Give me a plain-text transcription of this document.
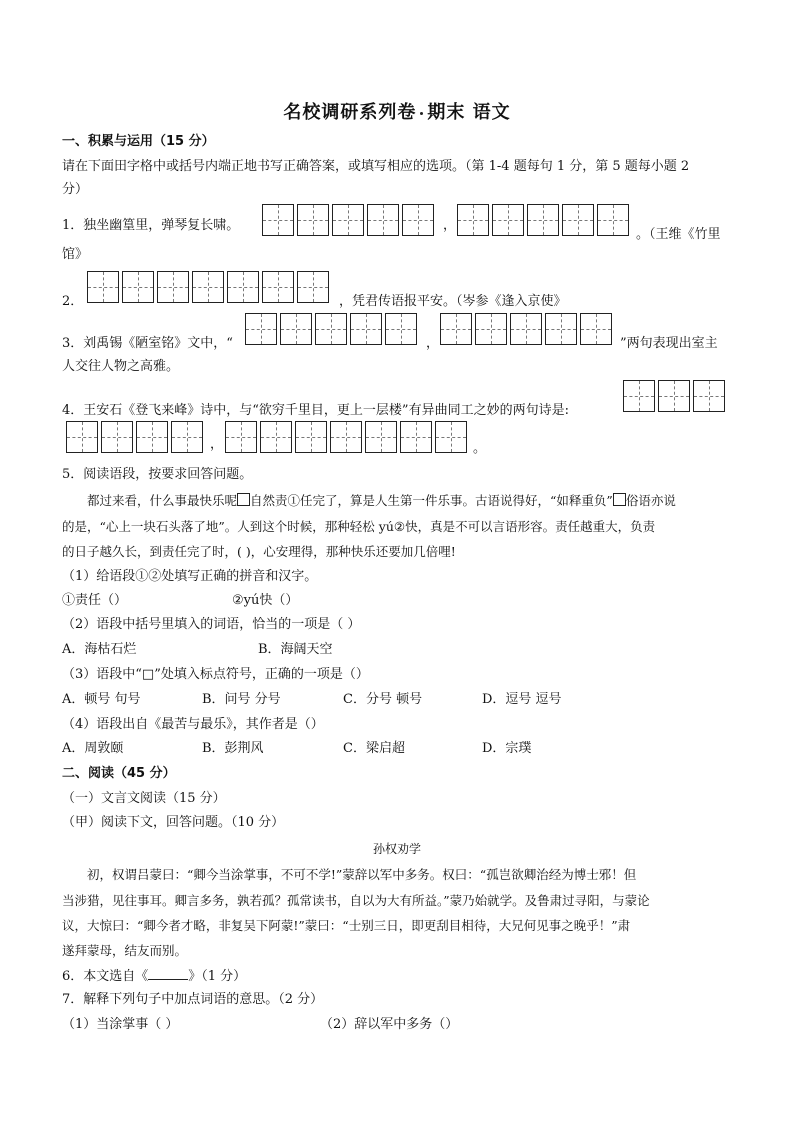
名校调研系列卷 期末 语文
一、积累与运用（15 分）
请在下面田字格中或括号内端正地书写正确答案，或填写相应的选项。（第 1-4 题每句 1 分，第 5 题每小题 2
分）
1．独坐幽篁里，弹琴复长啸。	，
。（王维《竹里
馆》
2．	，凭君传语报平安。（岑参《逢入京使》
3．刘禹锡《陋室铭》文中，“	，	”两句表现出室主
人交往人物之高雅。
4．王安石《登飞来峰》诗中，与“欲穷千里目，更上一层楼”有异曲同工之妙的两句诗是:
，	。
5．阅读语段，按要求回答问题。
都过来看，什么事最快乐呢 自然责①任完了，算是人生第一件乐事。古语说得好，“如释重负” 俗语亦说
的是，“心上一块石头落了地”。人到这个时候，那种轻松 yú②快，真是不可以言语形容。责任越重大，负责
的日子越久长，到责任完了时，( )，心安理得，那种快乐还要加几倍哩!
（1）给语段①②处填写正确的拼音和汉字。
①责任（）	②yú快（）
（2）语段中括号里填入的词语，恰当的一项是（ ）
A．海枯石烂	B．海阔天空
（3）语段中“□”处填入标点符号，正确的一项是（）
A．顿号 句号	B．问号 分号	C．分号 顿号	D．逗号 逗号
（4）语段出自《最苦与最乐》，其作者是（）
A．周敦颐	B．彭荆风	C．梁启超	D．宗璞
二、阅读（45 分）
（一）文言文阅读（15 分）
（甲）阅读下文，回答问题。（10 分）
孙权劝学
初，权谓吕蒙曰：“卿今当涂掌事，不可不学!”蒙辞以军中多务。权曰：“孤岂欲卿治经为博士邪！但
当涉猎，见往事耳。卿言多务，孰若孤？孤常读书，自以为大有所益。”蒙乃始就学。及鲁肃过寻阳，与蒙论
议，大惊曰：“卿今者才略，非复吴下阿蒙!”蒙曰：“士别三日，即更刮目相待，大兄何见事之晚乎！”肃
遂拜蒙母，结友而别。
6．本文选自《	》（1 分）
7．解释下列句子中加点词语的意思。（2 分）
（1）当涂掌事（ ）	（2）辞以军中多务（）
